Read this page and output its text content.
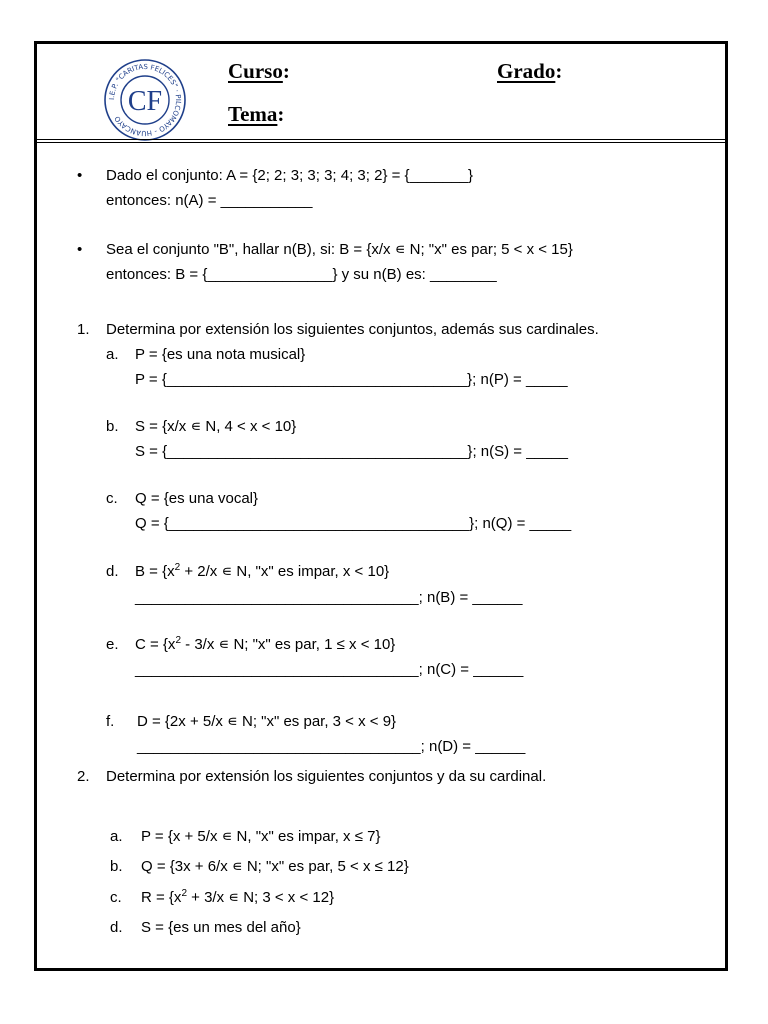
I.E.P. "CARITAS FELICES" · PILCOMAYO - HUANCAYO
CF
Curso:	Grado:
Tema:
• Dado el conjunto: A = {2; 2; 3; 3; 3; 4; 3; 2} = {_______}
entonces: n(A) = ___________
• Sea el conjunto "B", hallar n(B), si: B = {x/x ∊ N; "x" es par; 5 < x < 15}
entonces: B = {_______________} y su n(B) es: ________
1. Determina por extensión los siguientes conjuntos, además sus cardinales.
a. P = {es una nota musical}
P = {____________________________________}; n(P) = _____
b. S = {x/x ∊ N, 4 < x < 10}
S = {____________________________________}; n(S) = _____
c. Q = {es una vocal}
Q = {____________________________________}; n(Q) = _____
d. $B = \{x^2 + 2/x$ ∊ N, "x" es impar, x < 10}
__________________________________; n(B) = ______
e. $C = \{x^2 - 3/x$ ∊ N; "x" es par, 1 ≤ x < 10}
__________________________________; n(C) = ______
f. D = {2x + 5/x ∊ N; "x" es par, 3 < x < 9}
__________________________________; n(D) = ______
2. Determina por extensión los siguientes conjuntos y da su cardinal.
a. P = {x + 5/x ∊ N, "x" es impar, x ≤ 7}
b. Q = {3x + 6/x ∊ N; "x" es par, 5 < x ≤ 12}
c. $R = \{x^2 + 3/x$ ∊ N; 3 < x < 12}
d. S = {es un mes del año}
